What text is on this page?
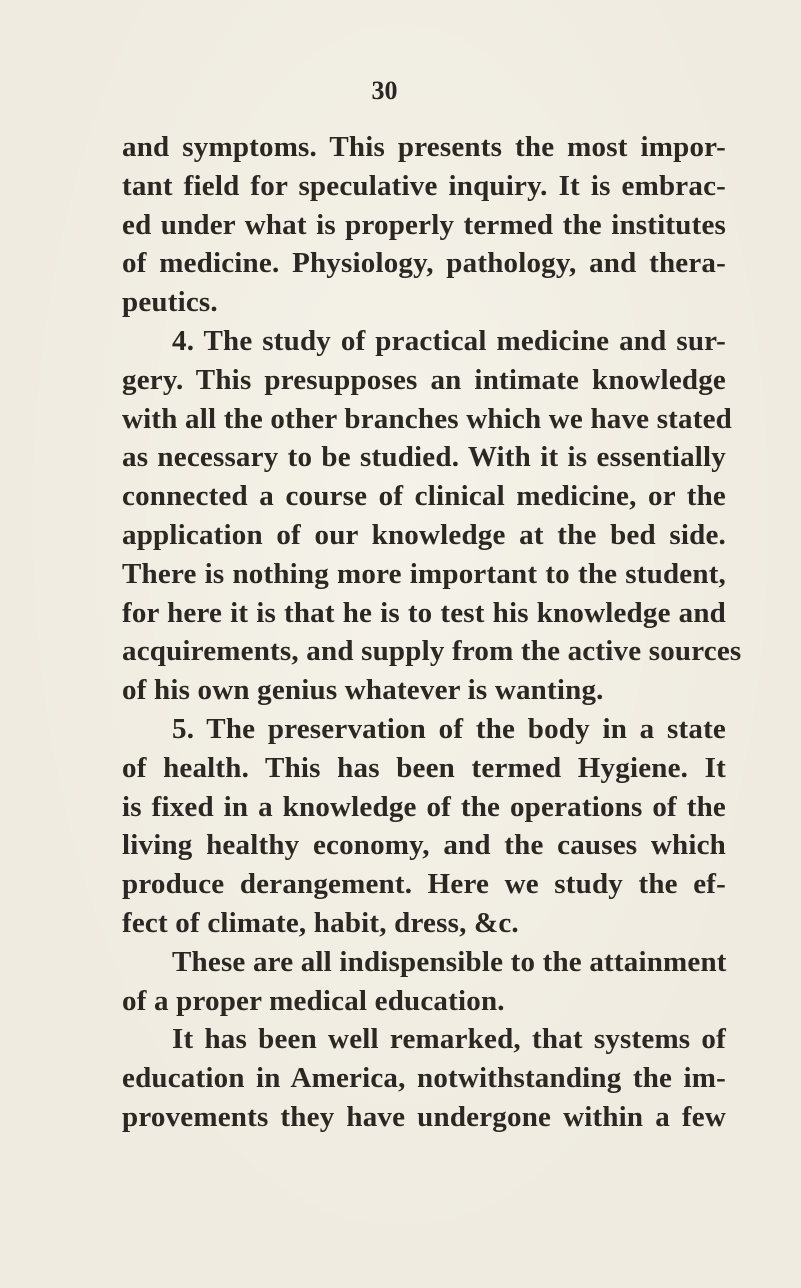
30
and symptoms. This presents the most impor-
tant field for speculative inquiry. It is embrac-
ed under what is properly termed the institutes
of medicine. Physiology, pathology, and thera-
peutics.
4. The study of practical medicine and sur-
gery. This presupposes an intimate knowledge
with all the other branches which we have stated
as necessary to be studied. With it is essentially
connected a course of clinical medicine, or the
application of our knowledge at the bed side.
There is nothing more important to the student,
for here it is that he is to test his knowledge and
acquirements, and supply from the active sources
of his own genius whatever is wanting.
5. The preservation of the body in a state
of health. This has been termed Hygiene. It
is fixed in a knowledge of the operations of the
living healthy economy, and the causes which
produce derangement. Here we study the ef-
fect of climate, habit, dress, &c.
These are all indispensible to the attainment
of a proper medical education.
It has been well remarked, that systems of
education in America, notwithstanding the im-
provements they have undergone within a few
